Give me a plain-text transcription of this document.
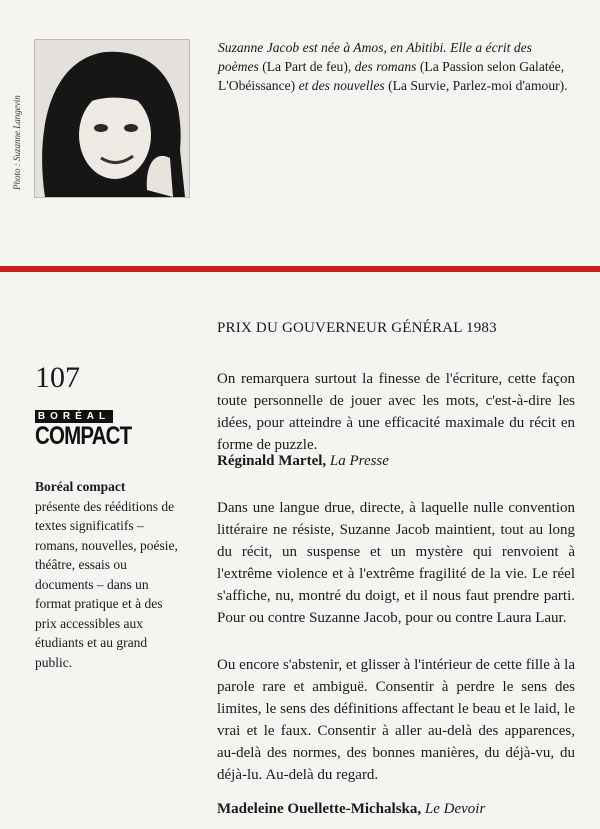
Photo : Suzanne Langevin
Suzanne Jacob est née à Amos, en Abitibi. Elle a écrit des poèmes (La Part de feu), des romans (La Passion selon Galatée, L'Obéissance) et des nouvelles (La Survie, Parlez-moi d'amour).
PRIX DU GOUVERNEUR GÉNÉRAL 1983
107
BORÉAL
COMPACT
Boréal compact
présente des rééditions de textes significatifs – romans, nouvelles, poésie, théâtre, essais ou documents – dans un format pratique et à des prix accessibles aux étudiants et au grand public.
On remarquera surtout la finesse de l'écriture, cette façon toute personnelle de jouer avec les mots, c'est-à-dire les idées, pour atteindre à une efficacité maximale du récit en forme de puzzle.
Réginald Martel, La Presse
Dans une langue drue, directe, à laquelle nulle convention littéraire ne résiste, Suzanne Jacob maintient, tout au long du récit, un suspense et un mystère qui renvoient à l'extrême violence et à l'extrême fragilité de la vie. Le réel s'affiche, nu, montré du doigt, et il nous faut prendre parti. Pour ou contre Suzanne Jacob, pour ou contre Laura Laur.
Ou encore s'abstenir, et glisser à l'intérieur de cette fille à la parole rare et ambiguë. Consentir à perdre le sens des limites, le sens des définitions affectant le beau et le laid, le vrai et le faux. Consentir à aller au-delà des apparences, au-delà des normes, des bonnes manières, du déjà-vu, du déjà-lu. Au-delà du regard.
Madeleine Ouellette-Michalska, Le Devoir
